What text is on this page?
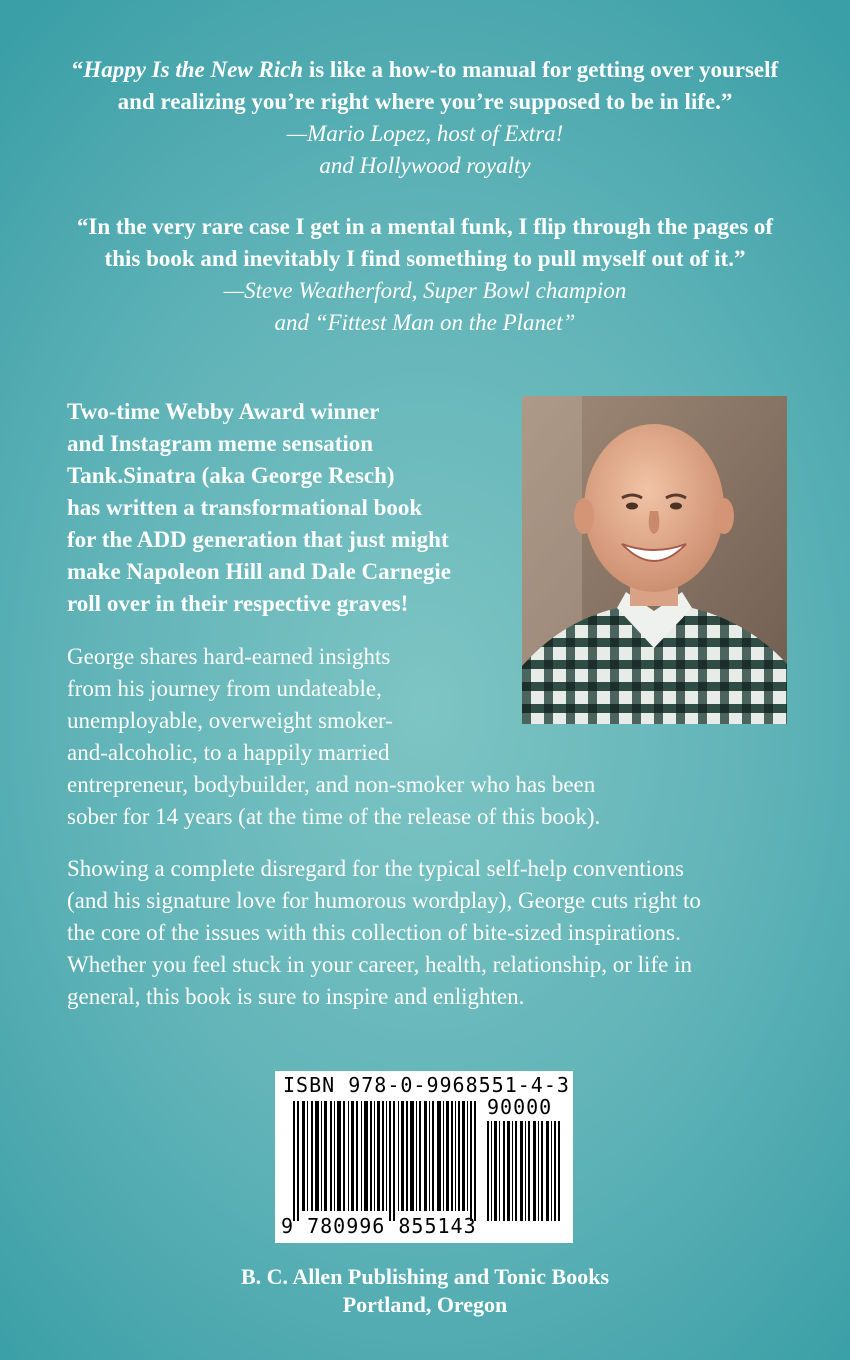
“Happy Is the New Rich is like a how-to manual for getting over yourself
and realizing you’re right where you’re supposed to be in life.”
—Mario Lopez, host of Extra!
and Hollywood royalty
“In the very rare case I get in a mental funk, I flip through the pages of
this book and inevitably I find something to pull myself out of it.”
—Steve Weatherford, Super Bowl champion
and “Fittest Man on the Planet”
Two-time Webby Award winner
and Instagram meme sensation
Tank.Sinatra (aka George Resch)
has written a transformational book
for the ADD generation that just might
make Napoleon Hill and Dale Carnegie
roll over in their respective graves!
George shares hard-earned insights
from his journey from undateable,
unemployable, overweight smoker-
and-alcoholic, to a happily married
entrepreneur, bodybuilder, and non-smoker who has been
sober for 14 years (at the time of the release of this book).
Showing a complete disregard for the typical self-help conventions
(and his signature love for humorous wordplay), George cuts right to
the core of the issues with this collection of bite-sized inspirations.
Whether you feel stuck in your career, health, relationship, or life in
general, this book is sure to inspire and enlighten.
ISBN 978-0-9968551-4-3
90000
9 780996 855143
B. C. Allen Publishing and Tonic Books
Portland, Oregon
